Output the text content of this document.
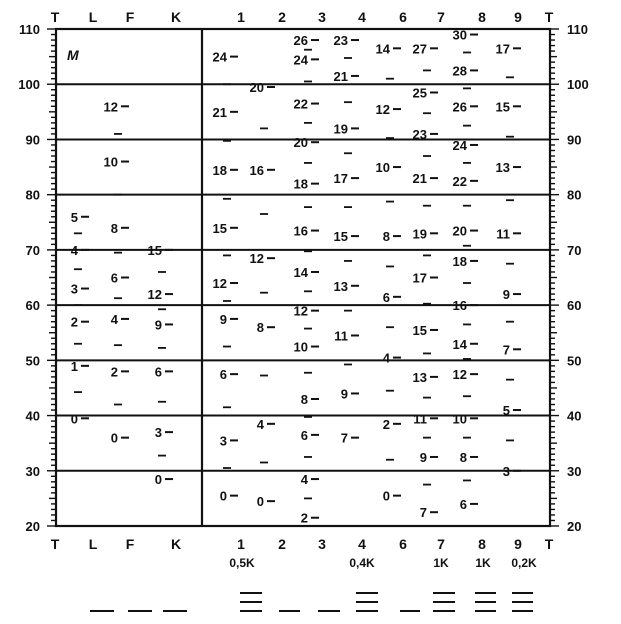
110
100
90
80
70
60
50
40
30
20
110
100
90
80
70
60
50
40
30
20
T L F	K	1 2 3 4 6 7 8 9 T
T L F	K	1 2 3 4 6 7 8 9 T
0,5K	0,4K	1K 1K 0,2K
M
5
4
3
2
1
0
12
10
8
6
4
2
0
15
12
9
6
3
0
24
21
18
15
12
9
6
3
0
20
16
12
8
4
0
26
24
22
20
18
16
14
12
10
8
6
4
2
23
21
19
17
15
13
11
9
7
14
12
10
8
6
4
2
0
27
25
23
21
19
17
15
13
11
9
7
30
28
26
24
22
20
18
16
14
12
10
8
6
17
15
13
11
9
7
5
3
